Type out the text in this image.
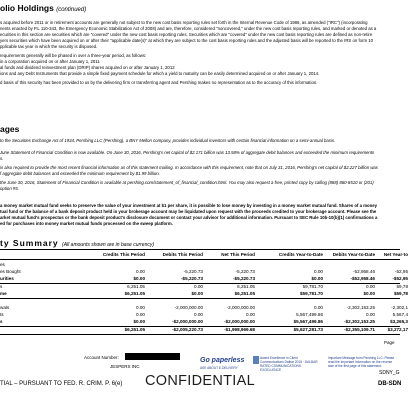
olio Holdings (continued)
s acquired before 2011 or in retirement accounts are generally not subject to the new cost basis reporting rules set forth in the Internal Revenue Code of 1986, as amended ("IRC") (incorporating
nents enacted by P.L 110-343, the Emergency Economic Stabilization Act of 2008) and are, therefore, considered "noncovered," under the new cost basis reporting rules, and marked or denoted as a
ecurities in this section are securities which are "covered" under the new cost basis reporting rules. Securities which are "covered" under the new cost basis reporting rules are defined as non-retire
yers securities which have been acquired on or after their "applicable date(s)" at which they are subject to the cost basis reporting rules and the adjusted basis will be reported to the IRS on form 10
pplicable tax year in which the security is disposed.
requirements generally will be phased in over a three-year period, as follows:
in a corporation acquired on or after January 1, 2011
al funds and dividend reinvestment plan (DRIP) shares acquired on or after January 1, 2012
ions and any Debt Instruments that provide a simple fixed payment schedule for which a yield to maturity can be easily determined acquired on or after January 1, 2014.
d basis of this security has been provided to us by the delivering firm or transferring agent and Pershing makes no representation as to the accuracy of this information.
ages
to the Securities Exchange Act of 1934, Pershing LLC (Pershing), a BNY Mellon company, provides individual investors with certain financial information on a semi-annual basis.
June Statement of Financial Condition is now available. On June 30, 2016, Pershing's net capital of $2.171 billion was 13.58% of aggregate debit balances and exceeded the minimum requirements
s.
is also required to provide the most recent financial information as of this statement mailing. In accordance with this requirement, note that on July 31, 2016, Pershing's net capital of $2.227 billion was
f aggregate debit balances and exceeded the minimum requirement by $1.99 billion.
the June 30, 2016, Statement of Financial Condition is available at pershing.com/statement_of_financial_condition.html. You may also request a free, printed copy by calling (888) 860-8510 or (201)
option #5.
a money market mutual fund seeks to preserve the value of your investment at $1 per share, it is possible to lose money by investing in a money market mutual fund. Shares of a money
tual fund or the balance of a bank deposit product held in your brokerage account may be liquidated upon request with the proceeds credited to your brokerage account. Please see the
arket mutual fund's prospectus or the bank deposit product's disclosure document or contact your advisor for additional information. Pursuant to SEC Rule 10b-10(b)(1) confirmations a
ed for purchases into money market mutual funds processed on the sweep platform.
ty Summary (All amounts shown are in base currency)
Credits This Period	Debits This Period	Net This Period	Credits Year-to-Date Debits Year-to-Date Net Year-to
es
es Bought	0.00	-5,220.73	-5,220.73	0.00	-52,958.46	-52,95
urities	$0.00	-$5,220.73	-$5,220.73	$0.00	-$52,958.46	-$52,95
s	6,251.05	0.00	6,251.05	59,781.70	0.00	59,78
me	$6,251.05	$0.00	$6,251.05	$59,781.70	$0.00	$59,78
wals	0.00	-2,000,000.00	-2,000,000.00	0.00	-2,302,153.25	-2,302,1
ts	0.00	0.00	0.00	5,567,499.86	0.00	5,567,4
s	$0.00	-$2,000,000.00	-$2,000,000.00	$5,567,499.86	-$2,302,153.25	$3,265,3
$6,251.05	-$2,005,220.73	-$1,998,969.68	$5,627,281.73	-$2,355,109.71	$3,272,17
Account Number:
JESPERS INC
Go paperless
ASK ABOUT E-DELIVERY
Award Excellence in Client Communications Dalbar 2015 · DALBAR RATED COMMUNICATIONS EXCELLENCE
Important Message from Pershing LLC: Please read the Important Information on the reverse side of the first page of this statement.
Page
SDNY_G
DB-SDN
TIAL – PURSUANT TO FED. R. CRIM. P. 6(e) CONFIDENTIAL
